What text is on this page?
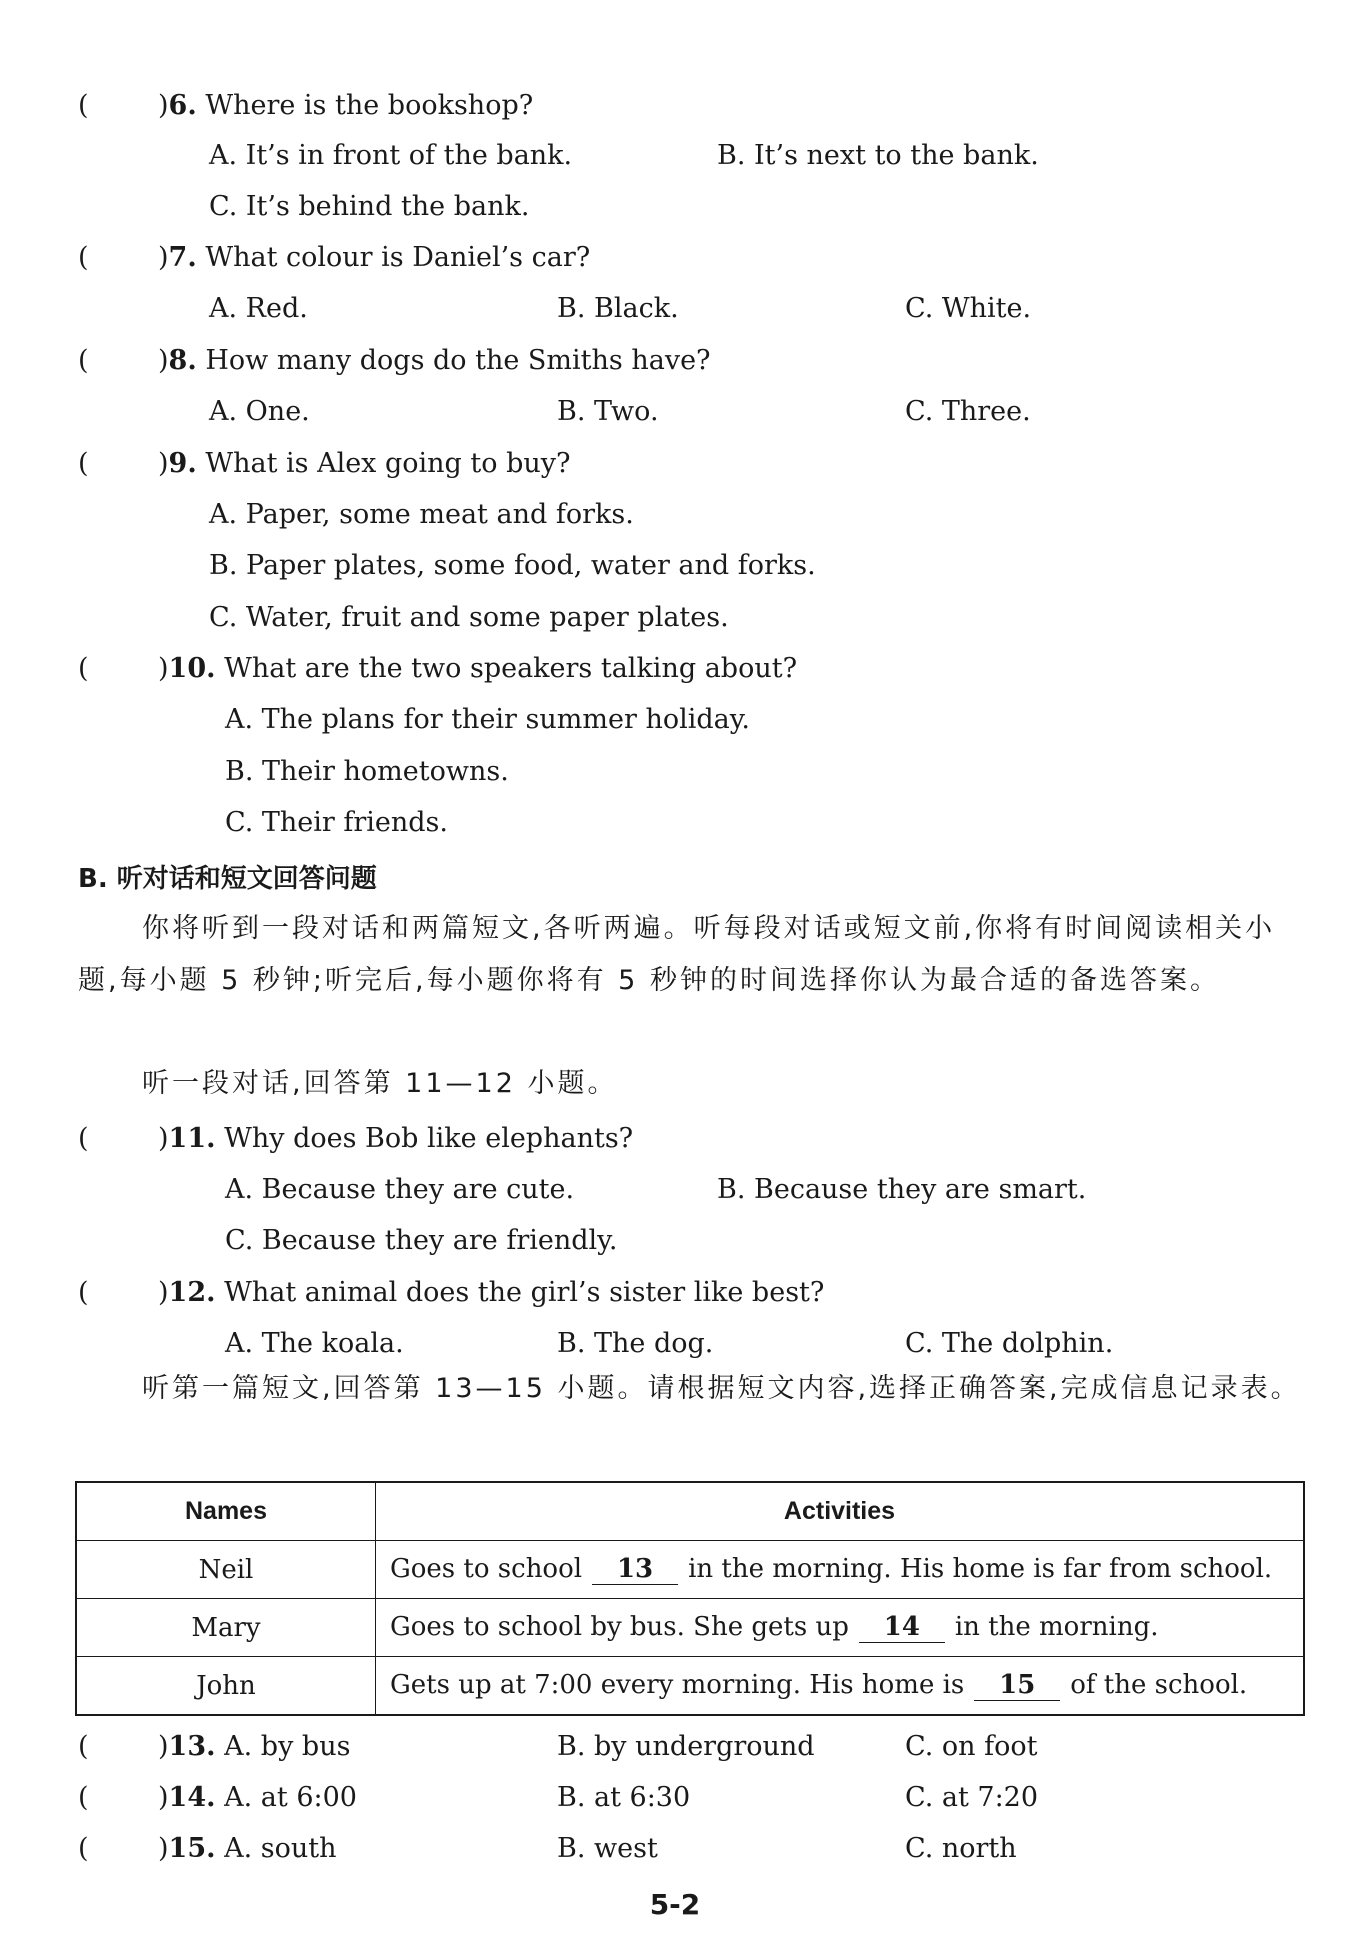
(	)6. Where is the bookshop?
A. It’s in front of the bank.	B. It’s next to the bank.
C. It’s behind the bank.
(	)7. What colour is Daniel’s car?
A. Red.	B. Black.	C. White.
(	)8. How many dogs do the Smiths have?
A. One.	B. Two.	C. Three.
(	)9. What is Alex going to buy?
A. Paper, some meat and forks.
B. Paper plates, some food, water and forks.
C. Water, fruit and some paper plates.
(	)10. What are the two speakers talking about?
A. The plans for their summer holiday.
B. Their hometowns.
C. Their friends.
B. 听对话和短文回答问题
你将听到一段对话和两篇短文,各听两遍。听每段对话或短文前,你将有时间阅读相关小题,每小题 5 秒钟;听完后,每小题你将有 5 秒钟的时间选择你认为最合适的备选答案。
听一段对话,回答第 11—12 小题。
(	)11. Why does Bob like elephants?
A. Because they are cute.	B. Because they are smart.
C. Because they are friendly.
(	)12. What animal does the girl’s sister like best?
A. The koala.	B. The dog.	C. The dolphin.
听第一篇短文,回答第 13—15 小题。请根据短文内容,选择正确答案,完成信息记录表。
Names	Activities
Neil	Goes to school 13 in the morning. His home is far from school.
Mary	Goes to school by bus. She gets up 14 in the morning.
John	Gets up at 7:00 every morning. His home is 15 of the school.
(	)13. A. by bus	B. by underground	C. on foot
(	)14. A. at 6:00	B. at 6:30	C. at 7:20
(	)15. A. south	B. west	C. north
5-2
